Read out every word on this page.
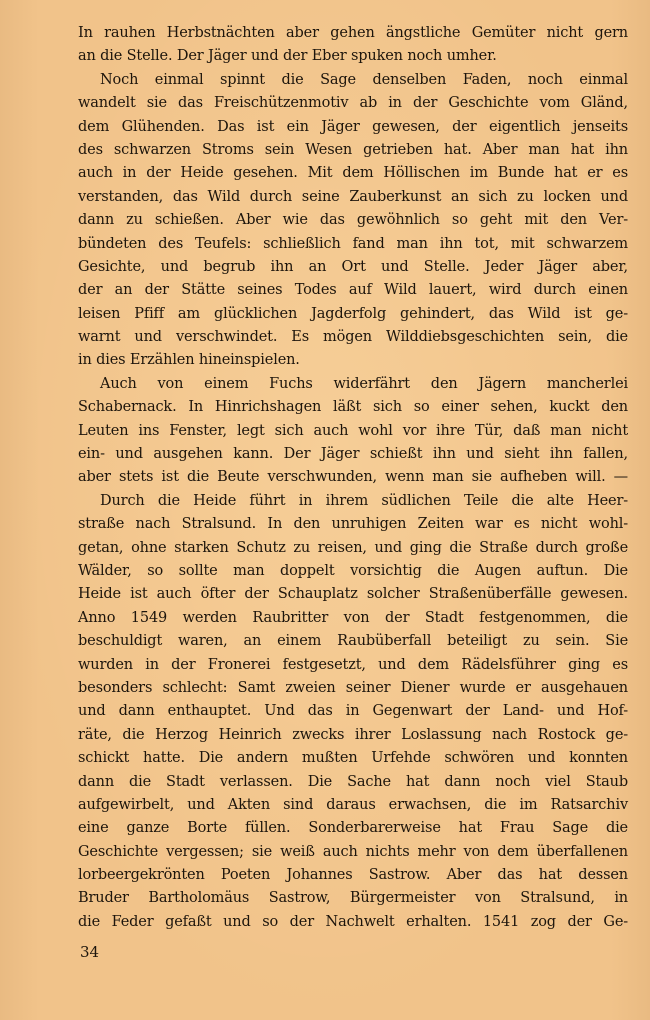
In rauhen Herbstnächten aber gehen ängstliche Gemüter nicht gern
an die Stelle. Der Jäger und der Eber spuken noch umher.
Noch einmal spinnt die Sage denselben Faden, noch einmal
wandelt sie das Freischützenmotiv ab in der Geschichte vom Gländ,
dem Glühenden. Das ist ein Jäger gewesen, der eigentlich jenseits
des schwarzen Stroms sein Wesen getrieben hat. Aber man hat ihn
auch in der Heide gesehen. Mit dem Höllischen im Bunde hat er es
verstanden, das Wild durch seine Zauberkunst an sich zu locken und
dann zu schießen. Aber wie das gewöhnlich so geht mit den Ver-
bündeten des Teufels: schließlich fand man ihn tot, mit schwarzem
Gesichte, und begrub ihn an Ort und Stelle. Jeder Jäger aber,
der an der Stätte seines Todes auf Wild lauert, wird durch einen
leisen Pfiff am glücklichen Jagderfolg gehindert, das Wild ist ge-
warnt und verschwindet. Es mögen Wilddiebsgeschichten sein, die
in dies Erzählen hineinspielen.
Auch von einem Fuchs widerfährt den Jägern mancherlei
Schabernack. In Hinrichshagen läßt sich so einer sehen, kuckt den
Leuten ins Fenster, legt sich auch wohl vor ihre Tür, daß man nicht
ein- und ausgehen kann. Der Jäger schießt ihn und sieht ihn fallen,
aber stets ist die Beute verschwunden, wenn man sie aufheben will. —
Durch die Heide führt in ihrem südlichen Teile die alte Heer-
straße nach Stralsund. In den unruhigen Zeiten war es nicht wohl-
getan, ohne starken Schutz zu reisen, und ging die Straße durch große
Wälder, so sollte man doppelt vorsichtig die Augen auftun. Die
Heide ist auch öfter der Schauplatz solcher Straßenüberfälle gewesen.
Anno 1549 werden Raubritter von der Stadt festgenommen, die
beschuldigt waren, an einem Raubüberfall beteiligt zu sein. Sie
wurden in der Fronerei festgesetzt, und dem Rädelsführer ging es
besonders schlecht: Samt zweien seiner Diener wurde er ausgehauen
und dann enthauptet. Und das in Gegenwart der Land- und Hof-
räte, die Herzog Heinrich zwecks ihrer Loslassung nach Rostock ge-
schickt hatte. Die andern mußten Urfehde schwören und konnten
dann die Stadt verlassen. Die Sache hat dann noch viel Staub
aufgewirbelt, und Akten sind daraus erwachsen, die im Ratsarchiv
eine ganze Borte füllen. Sonderbarerweise hat Frau Sage die
Geschichte vergessen; sie weiß auch nichts mehr von dem überfallenen
lorbeergekrönten Poeten Johannes Sastrow. Aber das hat dessen
Bruder Bartholomäus Sastrow, Bürgermeister von Stralsund, in
die Feder gefaßt und so der Nachwelt erhalten. 1541 zog der Ge-
34
